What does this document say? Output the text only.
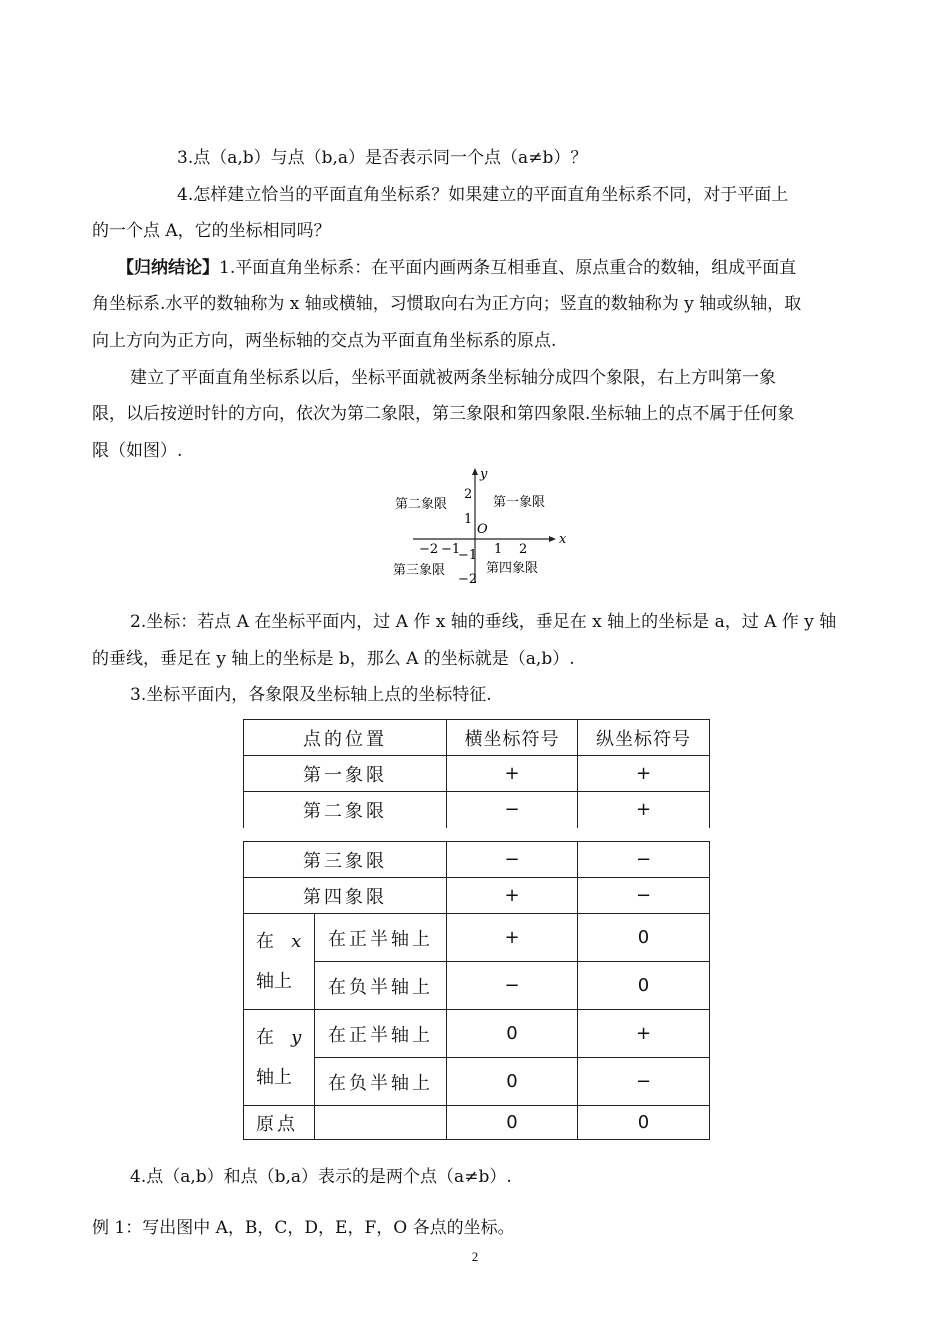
3.点（a,b）与点（b,a）是否表示同一个点（a≠b）？
4.怎样建立恰当的平面直角坐标系？如果建立的平面直角坐标系不同，对于平面上
的一个点 A，它的坐标相同吗？
【归纳结论】1.平面直角坐标系：在平面内画两条互相垂直、原点重合的数轴，组成平面直
角坐标系.水平的数轴称为 x 轴或横轴，习惯取向右为正方向；竖直的数轴称为 y 轴或纵轴，取
向上方向为正方向，两坐标轴的交点为平面直角坐标系的原点.
建立了平面直角坐标系以后，坐标平面就被两条坐标轴分成四个象限，右上方叫第一象
限，以后按逆时针的方向，依次为第二象限，第三象限和第四象限.坐标轴上的点不属于任何象
限（如图）.
x
y
O
第一象限
第二象限
第三象限	第四象限
−2 −1	1 2
2
1
−1
−2
2.坐标：若点 A 在坐标平面内，过 A 作 x 轴的垂线，垂足在 x 轴上的坐标是 a，过 A 作 y 轴
的垂线，垂足在 y 轴上的坐标是 b，那么 A 的坐标就是（a,b）.
3.坐标平面内，各象限及坐标轴上点的坐标特征.
点的位置	横坐标符号	纵坐标符号
第一象限	+	+
第二象限	−	+
第三象限		−	−
第四象限		+	−
在 x
轴上	在正半轴上	+	0
	在负半轴上	−	0
在 y
轴上	在正半轴上	0	+
	在负半轴上	0	−
原点		0	0
4.点（a,b）和点（b,a）表示的是两个点（a≠b）.
例 1：写出图中 A，B，C，D，E，F，O 各点的坐标。
2
